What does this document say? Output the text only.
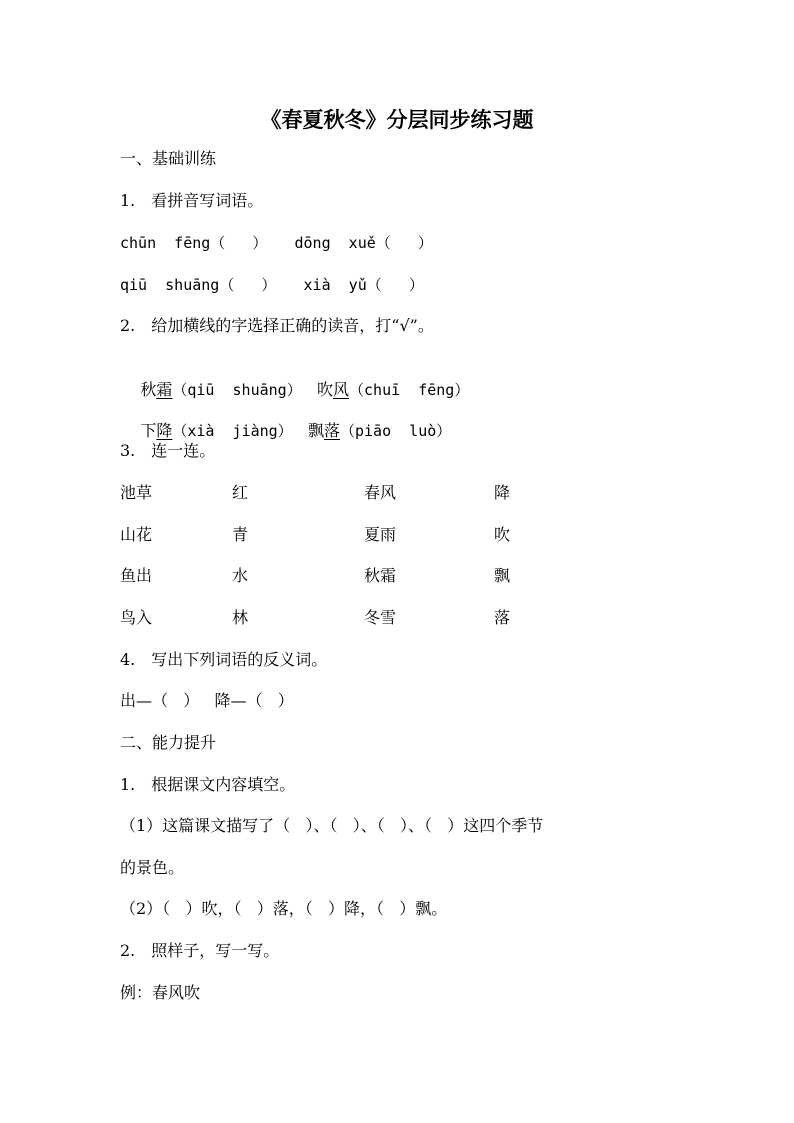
《春夏秋冬》分层同步练习题
一、基础训练
1.　看拼音写词语。
chūn  fēng（   ）   dōng  xuě（   ）
qiū  shuāng（   ）   xià  yǔ（   ）
2.　给加横线的字选择正确的读音，打“√”。

秋霜（qiū  shuāng） 吹风（chuī  fēng）

下降（xià  jiàng） 飘落（piāo  luò）

3.　连一连。
池草	红	春风	降
山花	青	夏雨	吹
鱼出	水	秋霜	飘
鸟入	林	冬雪	落
4.　写出下列词语的反义词。
出—（   ）   降—（   ）
二、能力提升
1.　根据课文内容填空。
（1）这篇课文描写了（   ）、（   ）、（   ）、（   ）这四个季节
的景色。
（2）（   ）吹，（   ）落，（   ）降，（   ）飘。
2.　照样子，写一写。
例：春风吹
